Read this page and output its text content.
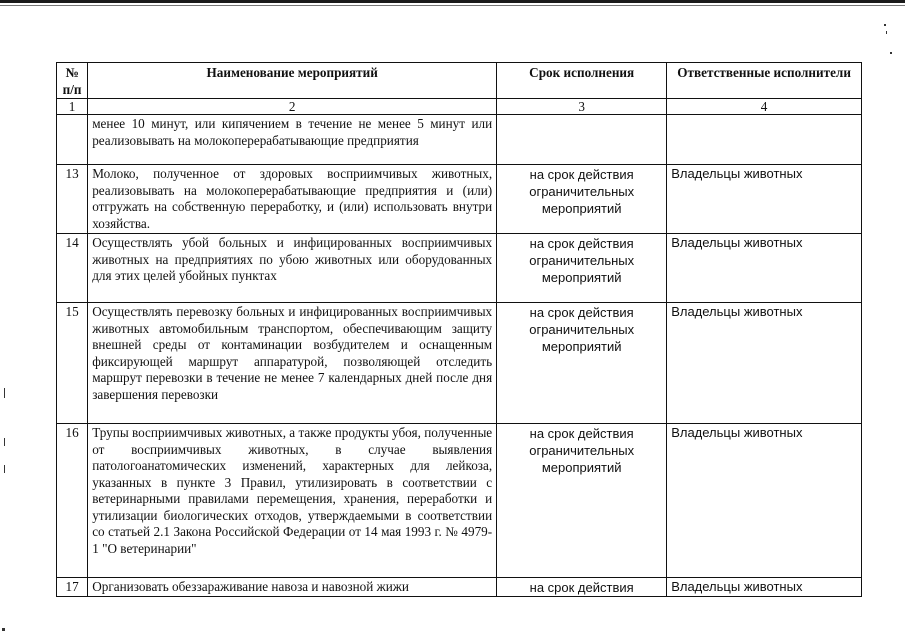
№
п/п	Наименование мероприятий	Срок исполнения	Ответственные исполнители
1	2	3	4
	менее 10 минут, или кипячением в течение не менее 5 минут или реализовывать на молокоперерабатывающие предприятия		
13	Молоко, полученное от здоровых восприимчивых животных, реализовывать на молокоперерабатывающие предприятия и (или) отгружать на собственную переработку, и (или) использовать внутри хозяйства.	на срок действия ограничительных мероприятий	Владельцы животных
14	Осуществлять убой больных и инфицированных восприимчивых животных на предприятиях по убою животных или оборудованных для этих целей убойных пунктах	на срок действия ограничительных мероприятий	Владельцы животных
15	Осуществлять перевозку больных и инфицированных восприимчивых животных автомобильным транспортом, обеспечивающим защиту внешней среды от контаминации возбудителем и оснащенным фиксирующей маршрут аппаратурой, позволяющей отследить маршрут перевозки в течение не менее 7 календарных дней после дня завершения перевозки	на срок действия ограничительных мероприятий	Владельцы животных
16	Трупы восприимчивых животных, а также продукты убоя, полученные от восприимчивых животных, в случае выявления патологоанатомических изменений, характерных для лейкоза, указанных в пункте 3 Правил, утилизировать в соответствии с ветеринарными правилами перемещения, хранения, переработки и утилизации биологических отходов, утверждаемыми в соответствии со статьей 2.1 Закона Российской Федерации от 14 мая 1993 г. № 4979-1 "О ветеринарии"	на срок действия ограничительных мероприятий	Владельцы животных
17	Организовать обеззараживание навоза и навозной жижи	на срок действия	Владельцы животных
